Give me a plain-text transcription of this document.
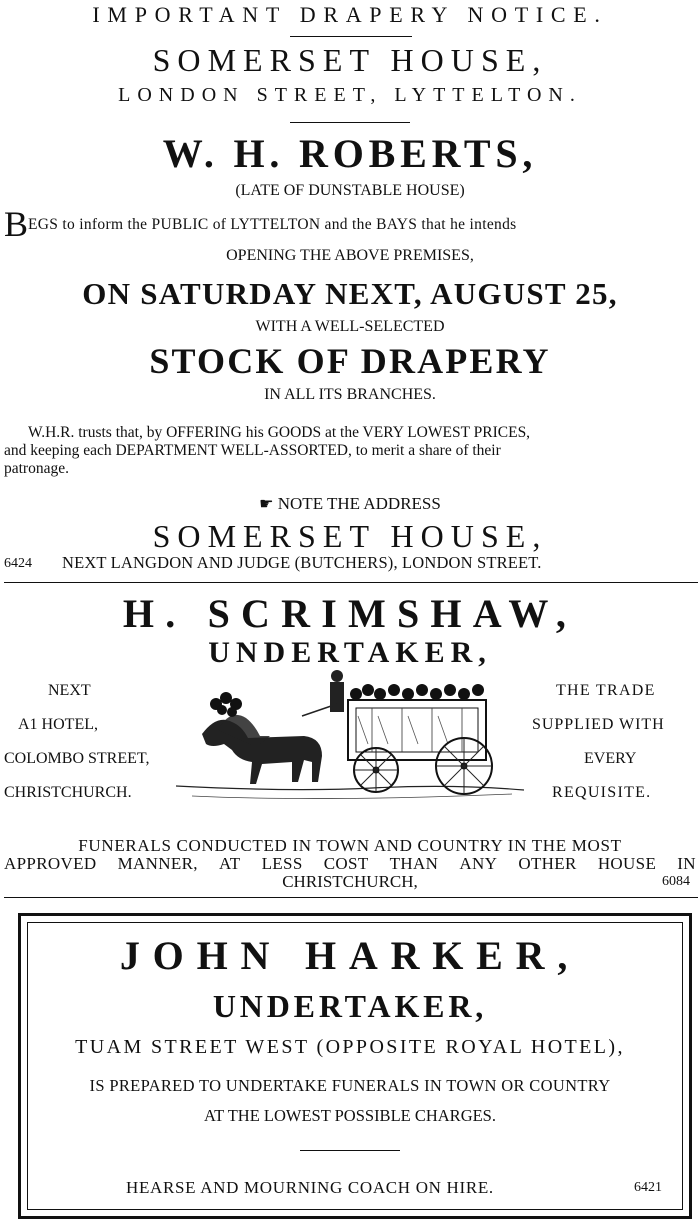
IMPORTANT DRAPERY NOTICE.
SOMERSET HOUSE,
LONDON STREET, LYTTELTON.
W. H. ROBERTS,
(LATE OF DUNSTABLE HOUSE)
B EGS to inform the PUBLIC of LYTTELTON and the BAYS that he intends
OPENING THE ABOVE PREMISES,
ON SATURDAY NEXT, AUGUST 25,
WITH A WELL-SELECTED
STOCK OF DRAPERY
IN ALL ITS BRANCHES.
W.H.R. trusts that, by OFFERING his GOODS at the VERY LOWEST PRICES,
and keeping each DEPARTMENT WELL-ASSORTED, to merit a share of their
patronage.
☛ NOTE THE ADDRESS
SOMERSET HOUSE,
6424 NEXT LANGDON AND JUDGE (BUTCHERS), LONDON STREET.
H. SCRIMSHAW,
UNDERTAKER,
NEXT
A1 HOTEL,
COLOMBO STREET,
CHRISTCHURCH.
THE TRADE
SUPPLIED WITH
EVERY
REQUISITE.
FUNERALS CONDUCTED IN TOWN AND COUNTRY IN THE MOST
APPROVED MANNER, AT LESS COST THAN ANY OTHER HOUSE IN
CHRISTCHURCH,	6084
JOHN HARKER,
UNDERTAKER,
TUAM STREET WEST (OPPOSITE ROYAL HOTEL),
IS PREPARED TO UNDERTAKE FUNERALS IN TOWN OR COUNTRY
AT THE LOWEST POSSIBLE CHARGES.
HEARSE AND MOURNING COACH ON HIRE.	6421
